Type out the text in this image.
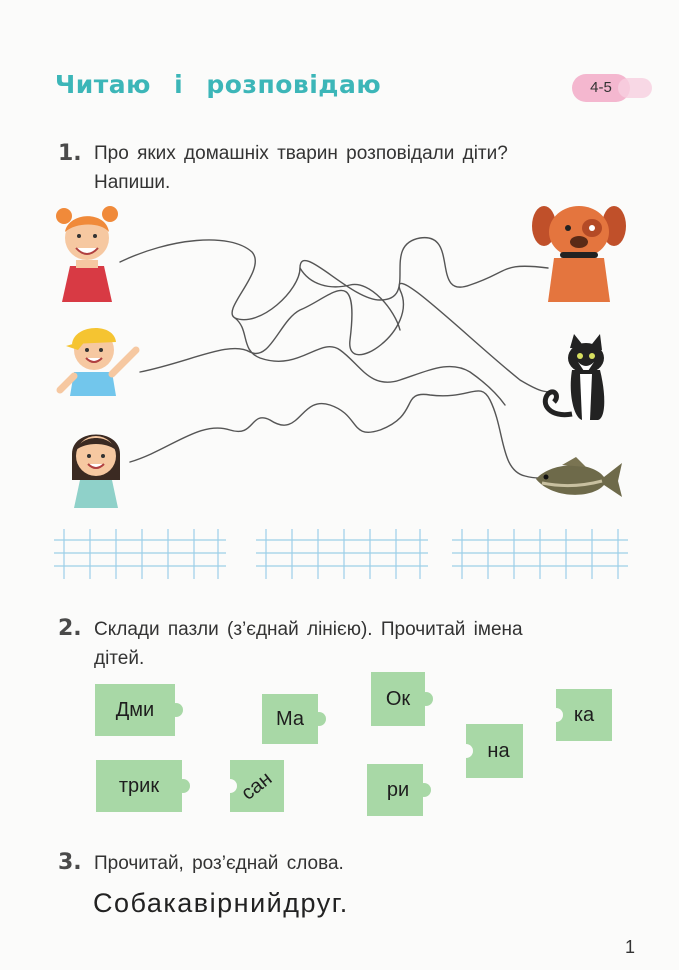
Читаю і розповідаю	4-5
1. Про яких домашніх тварин розповідали діти?
Напиши.
2. Склади пазли (з’єднай лінією). Прочитай імена
дітей.
Дми	Ма
Ок
ка
на
трик	сан	ри
3. Прочитай, роз’єднай слова.
Собакавірнийдруг.
1
